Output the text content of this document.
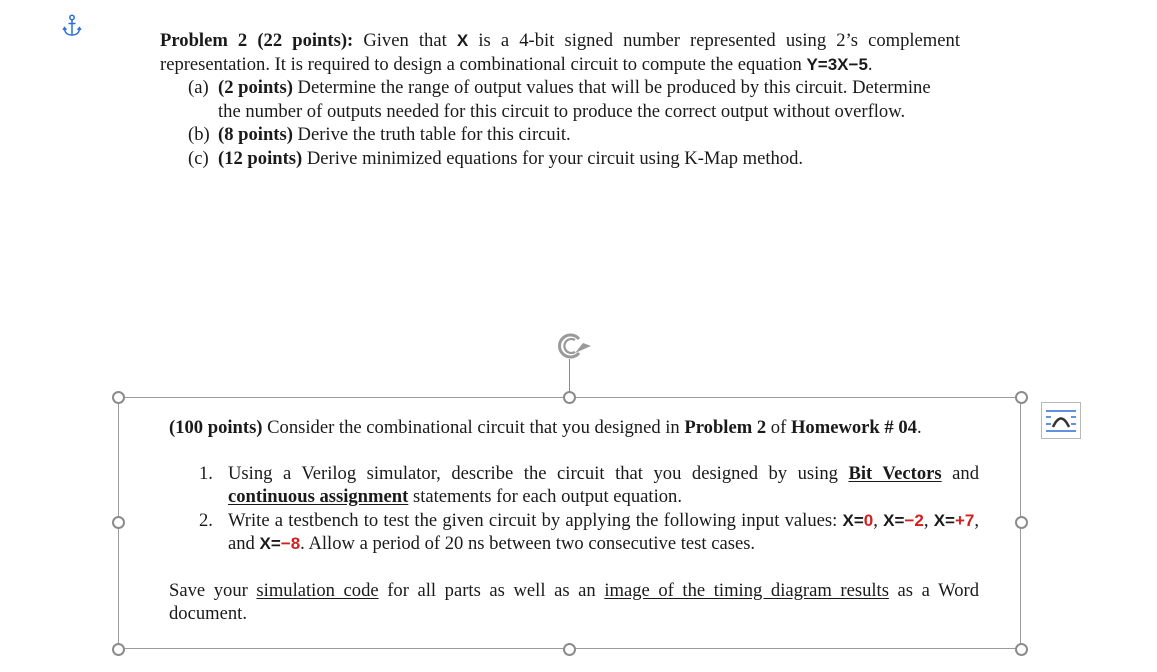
Problem 2 (22 points): Given that X is a 4-bit signed number represented using 2’s complement
representation. It is required to design a combinational circuit to compute the equation Y=3X−5.
(a) (2 points) Determine the range of output values that will be produced by this circuit. Determine
the number of outputs needed for this circuit to produce the correct output without overflow.
(b) (8 points) Derive the truth table for this circuit.
(c) (12 points) Derive minimized equations for your circuit using K-Map method.
(100 points) Consider the combinational circuit that you designed in Problem 2 of Homework # 04.
1. Using a Verilog simulator, describe the circuit that you designed by using Bit Vectors and continuous assignment statements for each output equation.
2. Write a testbench to test the given circuit by applying the following input values: X=0, X=−2, X=+7, and X=−8. Allow a period of 20 ns between two consecutive test cases.
Save your simulation code for all parts as well as an image of the timing diagram results as a Word document.
